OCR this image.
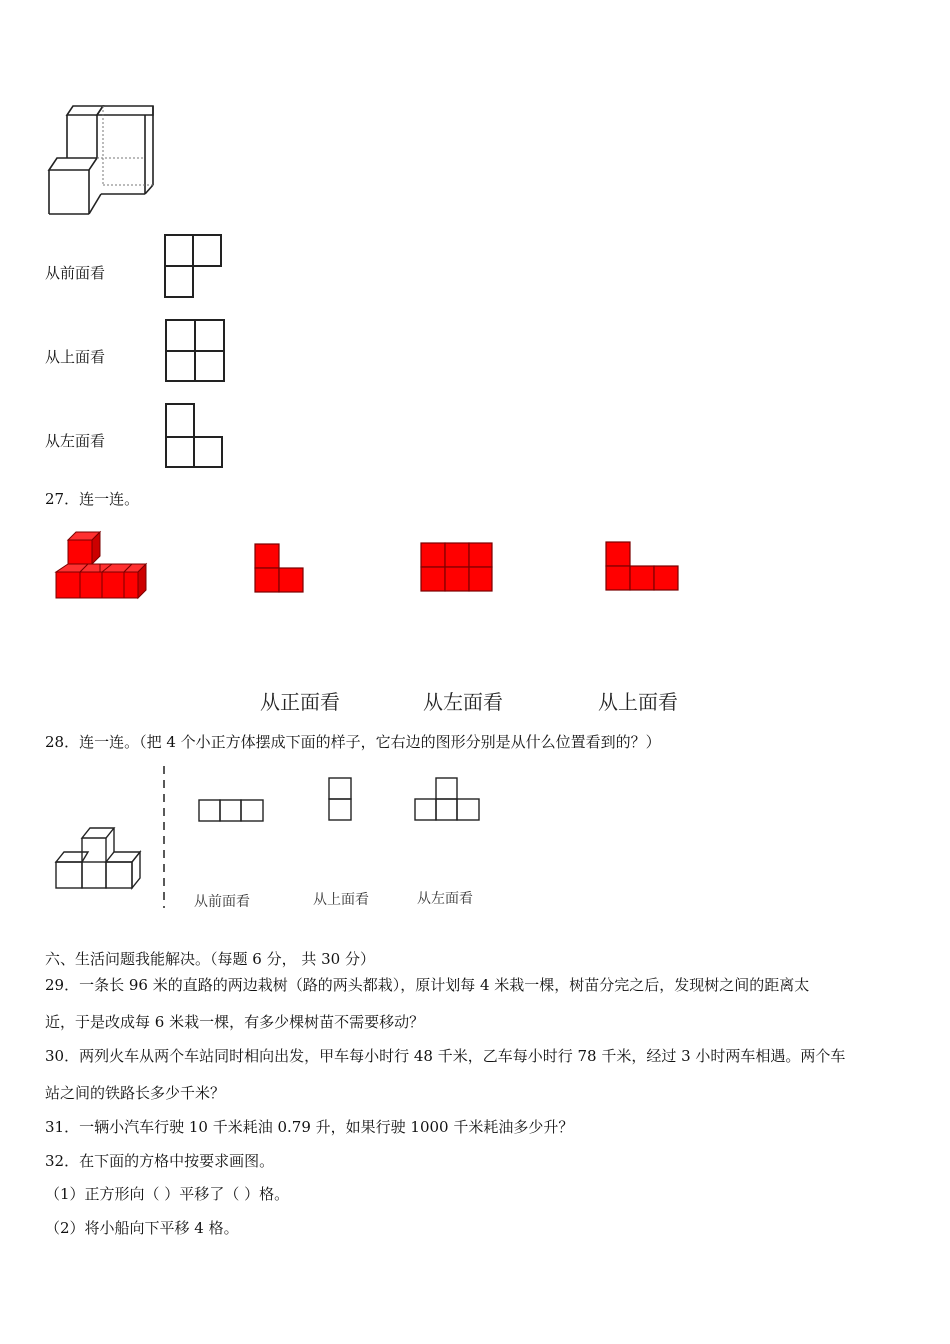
从前面看
从上面看
从左面看
27．连一连。
从正面看	从左面看	从上面看
28．连一连。（把 4 个小正方体摆成下面的样子，它右边的图形分别是从什么位置看到的？）
从前面看	从上面看	从左面看
六、生活问题我能解决。（每题 6 分， 共 30 分）
29．一条长 96 米的直路的两边栽树（路的两头都栽），原计划每 4 米栽一棵，树苗分完之后，发现树之间的距离太
近，于是改成每 6 米栽一棵，有多少棵树苗不需要移动？
30．两列火车从两个车站同时相向出发，甲车每小时行 48 千米，乙车每小时行 78 千米，经过 3 小时两车相遇。两个车
站之间的铁路长多少千米？
31．一辆小汽车行驶 10 千米耗油 0.79 升，如果行驶 1000 千米耗油多少升？
32．在下面的方格中按要求画图。
（1）正方形向（ ）平移了（ ）格。
（2）将小船向下平移 4 格。
